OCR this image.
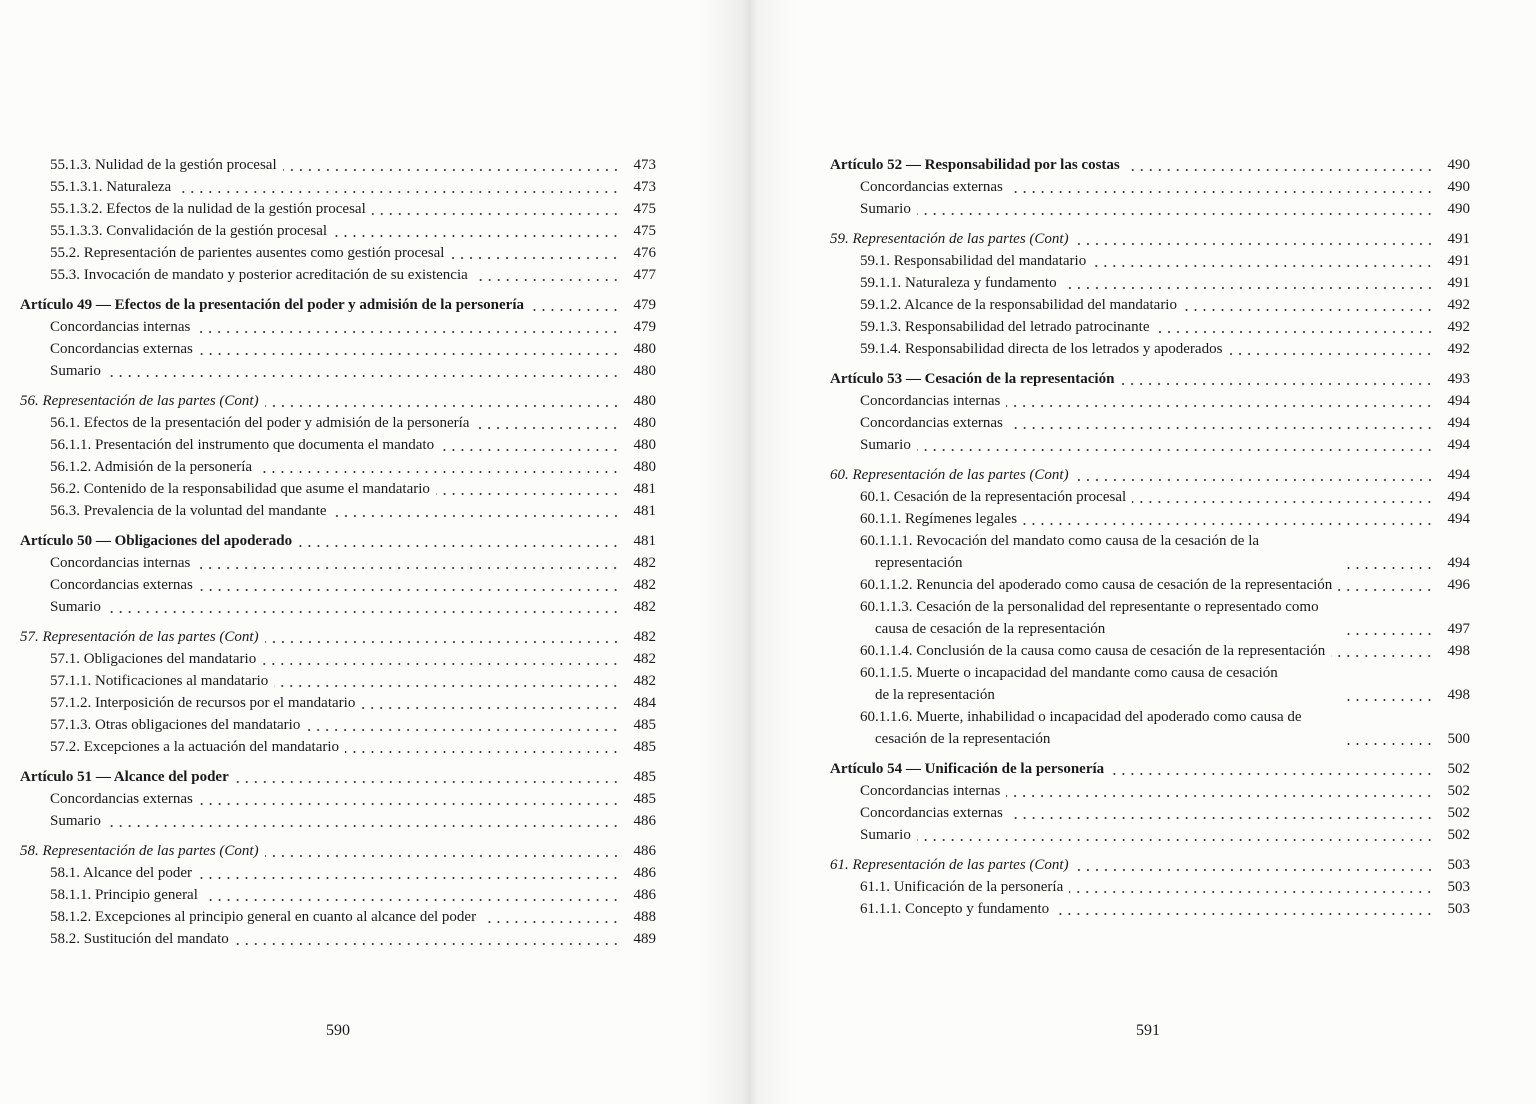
55.1.3. Nulidad de la gestión procesal	473
55.1.3.1. Naturaleza	473
55.1.3.2. Efectos de la nulidad de la gestión procesal	475
55.1.3.3. Convalidación de la gestión procesal	475
55.2. Representación de parientes ausentes como gestión procesal	476
55.3. Invocación de mandato y posterior acreditación de su existencia	477
Artículo 49 — Efectos de la presentación del poder y admisión de la personería	479
Concordancias internas	479
Concordancias externas	480
Sumario	480
56. Representación de las partes (Cont)	480
56.1. Efectos de la presentación del poder y admisión de la personería	480
56.1.1. Presentación del instrumento que documenta el mandato	480
56.1.2. Admisión de la personería	480
56.2. Contenido de la responsabilidad que asume el mandatario	481
56.3. Prevalencia de la voluntad del mandante	481
Artículo 50 — Obligaciones del apoderado	481
Concordancias internas	482
Concordancias externas	482
Sumario	482
57. Representación de las partes (Cont)	482
57.1. Obligaciones del mandatario	482
57.1.1. Notificaciones al mandatario	482
57.1.2. Interposición de recursos por el mandatario	484
57.1.3. Otras obligaciones del mandatario	485
57.2. Excepciones a la actuación del mandatario	485
Artículo 51 — Alcance del poder	485
Concordancias externas	485
Sumario	486
58. Representación de las partes (Cont)	486
58.1. Alcance del poder	486
58.1.1. Principio general	486
58.1.2. Excepciones al principio general en cuanto al alcance del poder	488
58.2. Sustitución del mandato	489
590
Artículo 52 — Responsabilidad por las costas	490
Concordancias externas	490
Sumario	490
59. Representación de las partes (Cont)	491
59.1. Responsabilidad del mandatario	491
59.1.1. Naturaleza y fundamento	491
59.1.2. Alcance de la responsabilidad del mandatario	492
59.1.3. Responsabilidad del letrado patrocinante	492
59.1.4. Responsabilidad directa de los letrados y apoderados	492
Artículo 53 — Cesación de la representación	493
Concordancias internas	494
Concordancias externas	494
Sumario	494
60. Representación de las partes (Cont)	494
60.1. Cesación de la representación procesal	494
60.1.1. Regímenes legales	494
60.1.1.1. Revocación del mandato como causa de la cesación de la
representación	494
60.1.1.2. Renuncia del apoderado como causa de cesación de la representación	496
60.1.1.3. Cesación de la personalidad del representante o representado como
causa de cesación de la representación	497
60.1.1.4. Conclusión de la causa como causa de cesación de la representación	498
60.1.1.5. Muerte o incapacidad del mandante como causa de cesación
de la representación	498
60.1.1.6. Muerte, inhabilidad o incapacidad del apoderado como causa de
cesación de la representación	500
Artículo 54 — Unificación de la personería	502
Concordancias internas	502
Concordancias externas	502
Sumario	502
61. Representación de las partes (Cont)	503
61.1. Unificación de la personería	503
61.1.1. Concepto y fundamento	503
591
